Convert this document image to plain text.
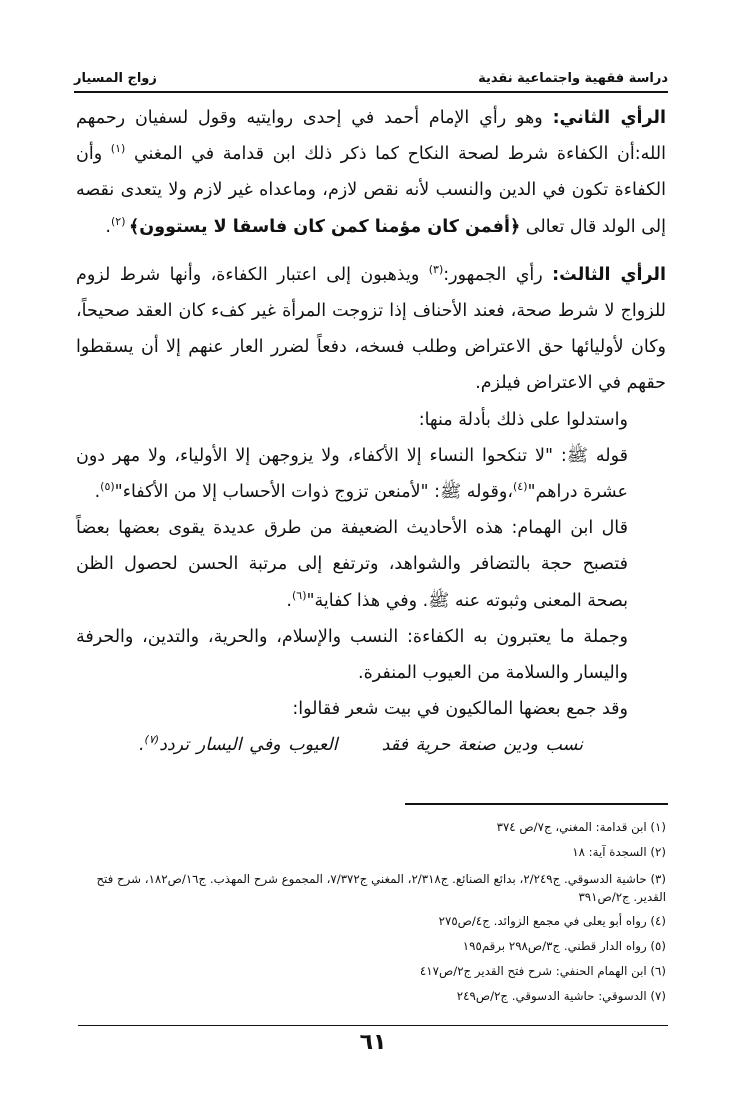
دراسة فقهية واجتماعية نقدية
زواج المسيار

الرأي الثاني: وهو رأي الإمام أحمد في إحدى روايتيه وقول لسفيان رحمهم الله:أن الكفاءة شرط لصحة النكاح كما ذكر ذلك ابن قدامة في المغني $^{(١)}$ وأن الكفاءة تكون في الدين والنسب لأنه نقص لازم، وماعداه غير لازم ولا يتعدى نقصه إلى الولد قال تعالى ﴿أفمن كان مؤمنا كمن كان فاسقا لا يستوون﴾ $^{(٢)}$.

الرأي الثالث: رأي الجمهور:$^{(٣)}$ ويذهبون إلى اعتبار الكفاءة، وأنها شرط لزوم للزواج لا شرط صحة، فعند الأحناف إذا تزوجت المرأة غير كفء كان العقد صحيحاً، وكان لأوليائها حق الاعتراض وطلب فسخه، دفعاً لضرر العار عنهم إلا أن يسقطوا حقهم في الاعتراض فيلزم.

واستدلوا على ذلك بأدلة منها:

قوله ﷺ: "لا تنكحوا النساء إلا الأكفاء، ولا يزوجهن إلا الأولياء، ولا مهر دون عشرة دراهم"$^{(٤)}$،وقوله ﷺ: "لأمنعن تزوج ذوات الأحساب إلا من الأكفاء"$^{(٥)}$.

قال ابن الهمام: هذه الأحاديث الضعيفة من طرق عديدة يقوى بعضها بعضاً فتصبح حجة بالتضافر والشواهد، وترتفع إلى مرتبة الحسن لحصول الظن بصحة المعنى وثبوته عنه ﷺ. وفي هذا كفاية"$^{(٦)}$.

وجملة ما يعتبرون به الكفاءة: النسب والإسلام، والحرية، والتدين، والحرفة واليسار والسلامة من العيوب المنفرة.

وقد جمع بعضها المالكيون في بيت شعر فقالوا:

نسب ودين صنعة حرية فقدالعيوب وفي اليسار تردد$^{(٧)}$.

(١) ابن قدامة: المغني، ج٧/ص ٣٧٤

(٢) السجدة آية: ١٨

(٣) حاشية الدسوقي. ج٢/٢٤٩، بدائع الصنائع. ج٢/٣١٨، المغني ج٧/٣٧٢، المجموع شرح المهذب. ج١٦/ص١٨٢، شرح فتح القدير. ج٢/ص٣٩١

(٤) رواه أبو يعلى في مجمع الزوائد. ج٤/ص٢٧٥

(٥) رواه الدار قطني. ج٣/ص٢٩٨ برقم١٩٥

(٦) ابن الهمام الحنفي: شرح فتح القدير ج٢/ص٤١٧

(٧) الدسوقي: حاشية الدسوقي. ج٢/ص٢٤٩

٦١
